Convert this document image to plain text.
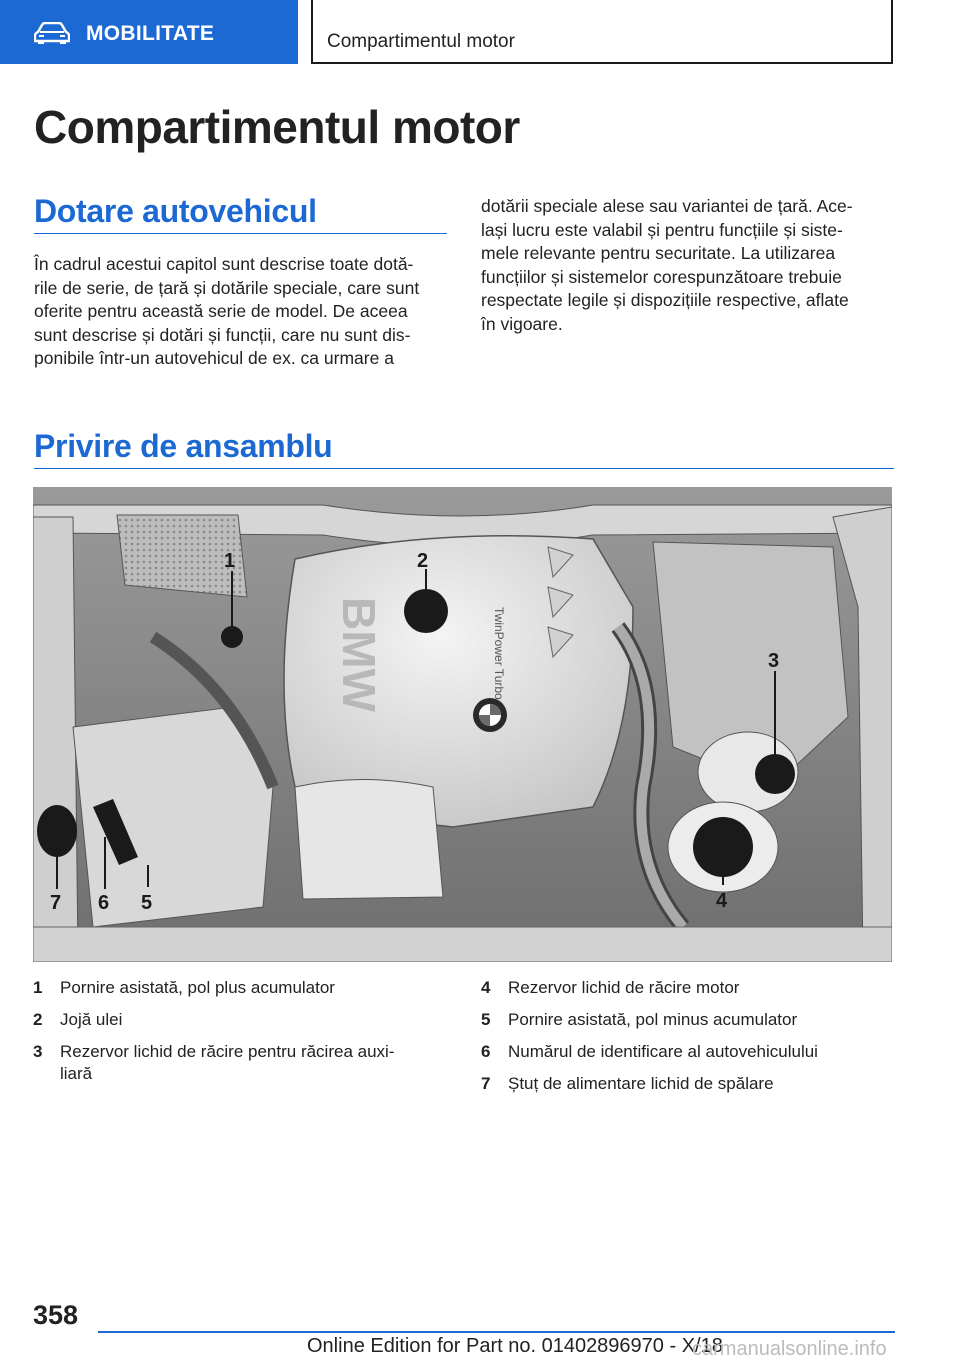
MOBILITATE	Compartimentul motor
Compartimentul motor
Dotare autovehicul
În cadrul acestui capitol sunt descrise toate dotă‐
rile de serie, de țară și dotările speciale, care sunt
oferite pentru această serie de model. De aceea
sunt descrise și dotări și funcții, care nu sunt dis‐
ponibile într-un autovehicul de ex. ca urmare a
dotării speciale alese sau variantei de țară. Ace‐
lași lucru este valabil și pentru funcțiile și siste‐
mele relevante pentru securitate. La utilizarea
funcțiilor și sistemelor corespunzătoare trebuie
respectate legile și dispozițiile respective, aflate
în vigoare.
Privire de ansamblu
BMW	TwinPower Turbo
1	2
3
4
5
6
7
1	Pornire asistată, pol plus acumulator
2	Jojă ulei
3	Rezervor lichid de răcire pentru răcirea auxi‐
liară
4	Rezervor lichid de răcire motor
5	Pornire asistată, pol minus acumulator
6	Numărul de identificare al autovehiculului
7	Ștuț de alimentare lichid de spălare
358
Online Edition for Part no. 01402896970 - X/18
carmanualsonline.info
